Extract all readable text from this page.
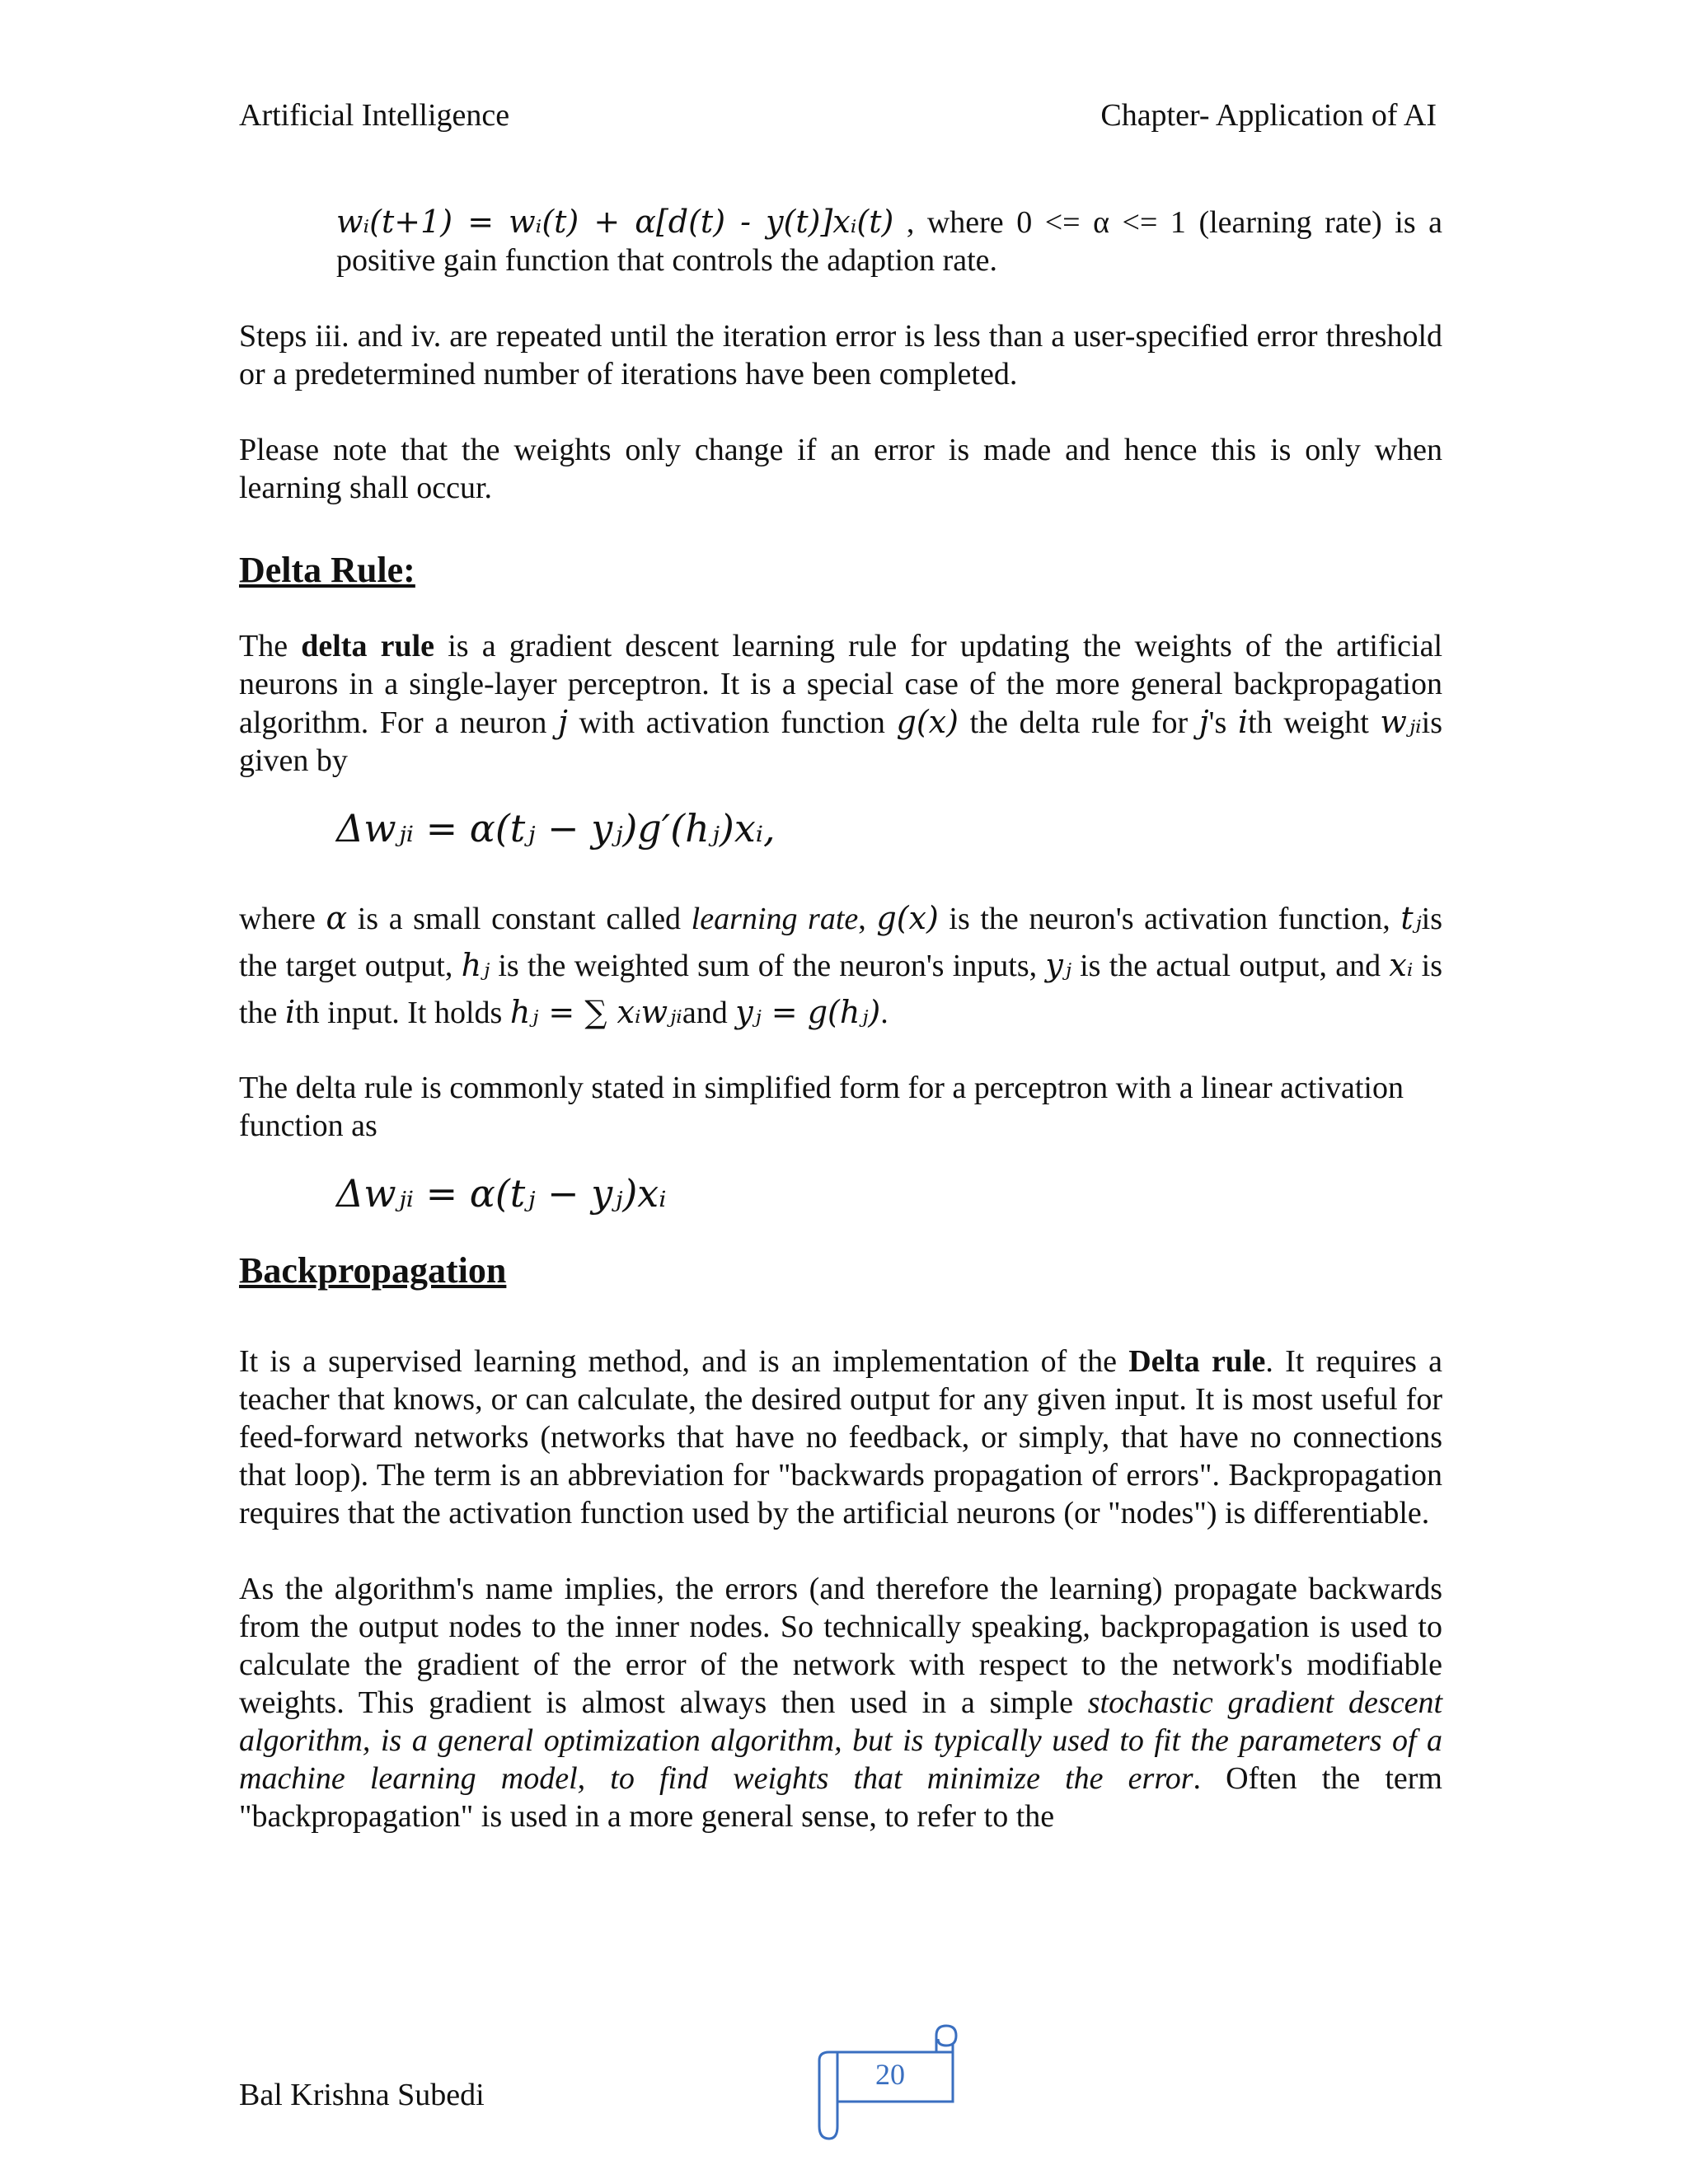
Artificial Intelligence	Chapter- Application of AI

wᵢ(t+1) = wᵢ(t) + α[d(t) - y(t)]xᵢ(t) , where 0 <= α <= 1 (learning rate) is a positive gain function that controls the adaption rate.

Steps iii. and iv. are repeated until the iteration error is less than a user-specified error threshold or a predetermined number of iterations have been completed.

Please note that the weights only change if an error is made and hence this is only when learning shall occur.

Delta Rule:

The delta rule is a gradient descent learning rule for updating the weights of the artificial neurons in a single-layer perceptron. It is a special case of the more general backpropagation algorithm. For a neuron j with activation function g(x) the delta rule for j's ith weight wⱼᵢis given by

Δwⱼᵢ = α(tⱼ − yⱼ)g′(hⱼ)xᵢ,

where α is a small constant called learning rate, g(x) is the neuron's activation function, tⱼis the target output, hⱼ is the weighted sum of the neuron's inputs, yⱼ is the actual output, and xᵢ is the ith input. It holds hⱼ = ∑ xᵢwⱼᵢand yⱼ = g(hⱼ).

The delta rule is commonly stated in simplified form for a perceptron with a linear activation function as

Δwⱼᵢ = α(tⱼ − yⱼ)xᵢ
Backpropagation

It is a supervised learning method, and is an implementation of the Delta rule. It requires a teacher that knows, or can calculate, the desired output for any given input. It is most useful for feed-forward networks (networks that have no feedback, or simply, that have no connections that loop). The term is an abbreviation for "backwards propagation of errors". Backpropagation requires that the activation function used by the artificial neurons (or "nodes") is differentiable.

As the algorithm's name implies, the errors (and therefore the learning) propagate backwards from the output nodes to the inner nodes. So technically speaking, backpropagation is used to calculate the gradient of the error of the network with respect to the network's modifiable weights. This gradient is almost always then used in a simple stochastic gradient descent algorithm, is a general optimization algorithm, but is typically used to fit the parameters of a machine learning model, to find weights that minimize the error. Often the term "backpropagation" is used in a more general sense, to refer to the

Bal Krishna Subedi
20
